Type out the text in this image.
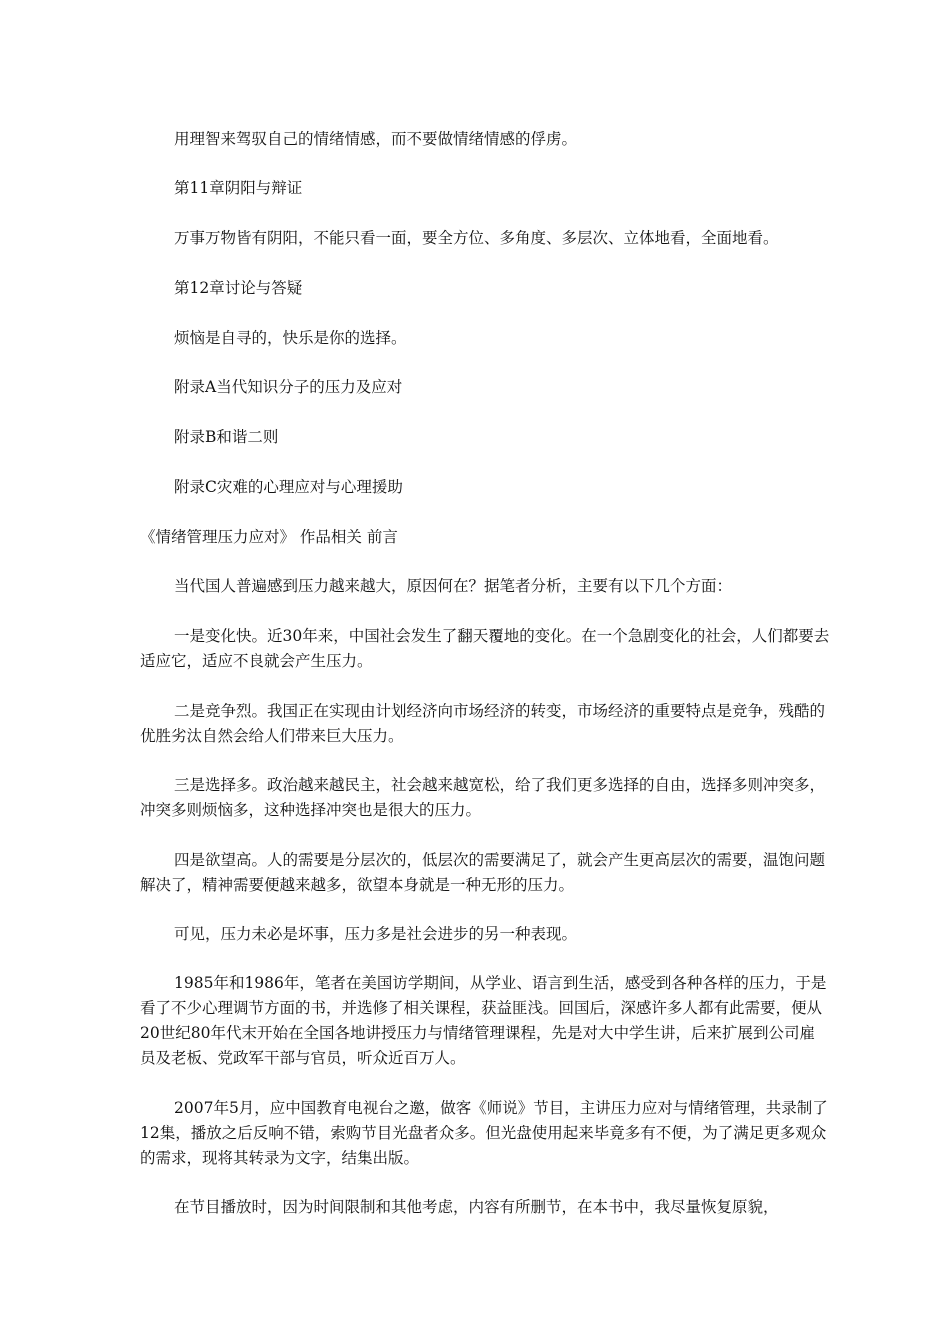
用理智来驾驭自己的情绪情感，而不要做情绪情感的俘虏。

第11章阴阳与辩证

万事万物皆有阴阳，不能只看一面，要全方位、多角度、多层次、立体地看，全面地看。

第12章讨论与答疑

烦恼是自寻的，快乐是你的选择。

附录A当代知识分子的压力及应对

附录B和谐二则

附录C灾难的心理应对与心理援助

《情绪管理压力应对》 作品相关 前言

当代国人普遍感到压力越来越大，原因何在？据笔者分析，主要有以下几个方面：

一是变化快。近30年来，中国社会发生了翻天覆地的变化。在一个急剧变化的社会，人们都要去适应它，适应不良就会产生压力。

二是竞争烈。我国正在实现由计划经济向市场经济的转变，市场经济的重要特点是竞争，残酷的优胜劣汰自然会给人们带来巨大压力。

三是选择多。政治越来越民主，社会越来越宽松，给了我们更多选择的自由，选择多则冲突多，冲突多则烦恼多，这种选择冲突也是很大的压力。

四是欲望高。人的需要是分层次的，低层次的需要满足了，就会产生更高层次的需要，温饱问题解决了，精神需要便越来越多，欲望本身就是一种无形的压力。

可见，压力未必是坏事，压力多是社会进步的另一种表现。

1985年和1986年，笔者在美国访学期间，从学业、语言到生活，感受到各种各样的压力，于是看了不少心理调节方面的书，并选修了相关课程，获益匪浅。回国后，深感许多人都有此需要，便从20世纪80年代末开始在全国各地讲授压力与情绪管理课程，先是对大中学生讲，后来扩展到公司雇员及老板、党政军干部与官员，听众近百万人。

2007年5月，应中国教育电视台之邀，做客《师说》节目，主讲压力应对与情绪管理，共录制了12集，播放之后反响不错，索购节目光盘者众多。但光盘使用起来毕竟多有不便，为了满足更多观众的需求，现将其转录为文字，结集出版。

在节目播放时，因为时间限制和其他考虑，内容有所删节，在本书中，我尽量恢复原貌，
